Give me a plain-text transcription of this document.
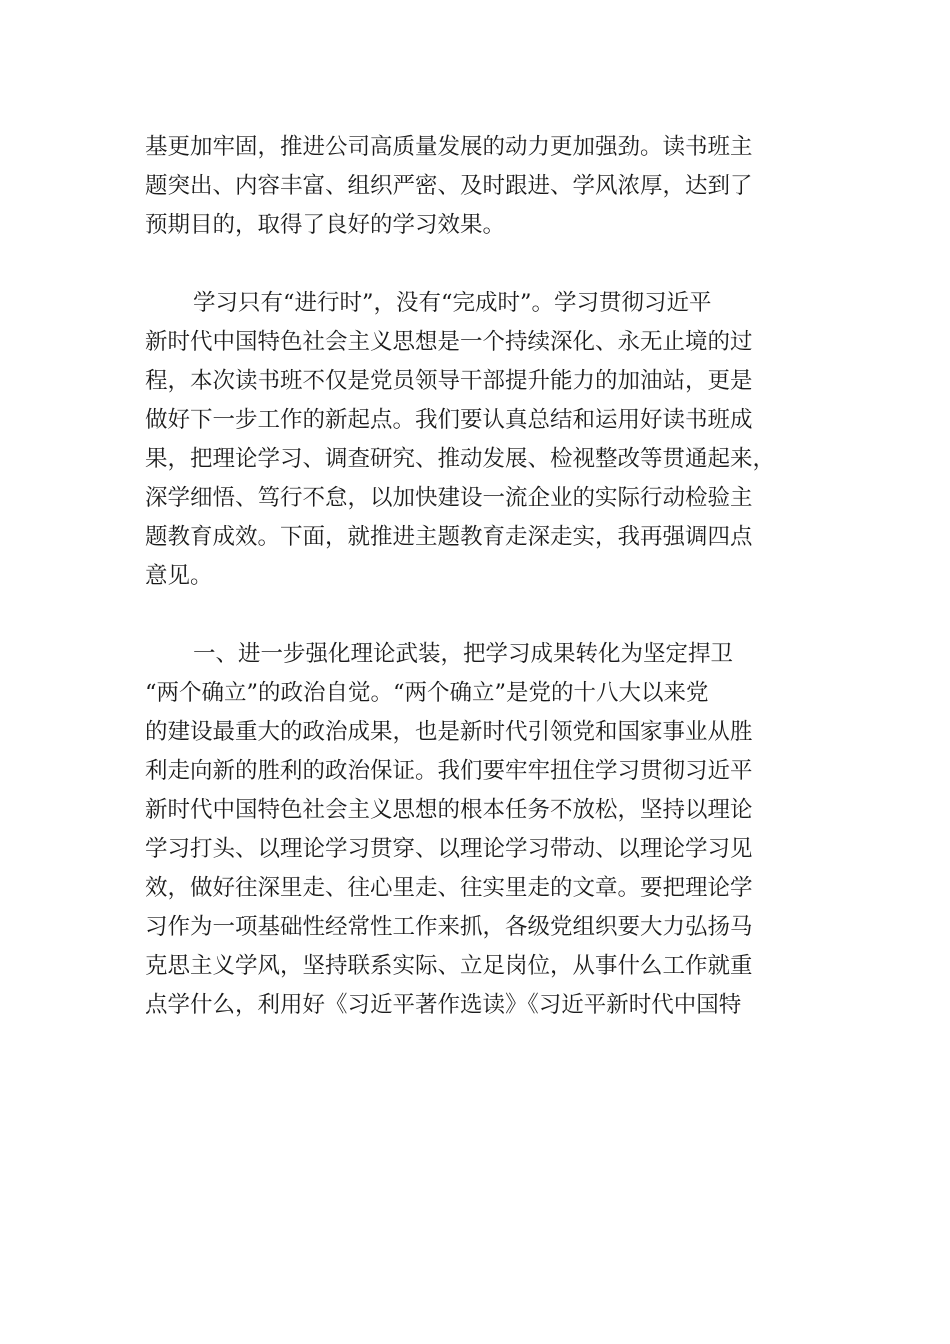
基更加牢固，推进公司高质量发展的动力更加强劲。读书班主
题突出、内容丰富、组织严密、及时跟进、学风浓厚，达到了
预期目的，取得了良好的学习效果。
学习只有“进行时”，没有“完成时”。学习贯彻习近平
新时代中国特色社会主义思想是一个持续深化、永无止境的过
程，本次读书班不仅是党员领导干部提升能力的加油站，更是
做好下一步工作的新起点。我们要认真总结和运用好读书班成
果，把理论学习、调查研究、推动发展、检视整改等贯通起来，
深学细悟、笃行不怠，以加快建设一流企业的实际行动检验主
题教育成效。下面，就推进主题教育走深走实，我再强调四点
意见。
一、进一步强化理论武装，把学习成果转化为坚定捍卫
“两个确立”的政治自觉。“两个确立”是党的十八大以来党
的建设最重大的政治成果，也是新时代引领党和国家事业从胜
利走向新的胜利的政治保证。我们要牢牢扭住学习贯彻习近平
新时代中国特色社会主义思想的根本任务不放松，坚持以理论
学习打头、以理论学习贯穿、以理论学习带动、以理论学习见
效，做好往深里走、往心里走、往实里走的文章。要把理论学
习作为一项基础性经常性工作来抓，各级党组织要大力弘扬马
克思主义学风，坚持联系实际、立足岗位，从事什么工作就重
点学什么，利用好《习近平著作选读》《习近平新时代中国特
